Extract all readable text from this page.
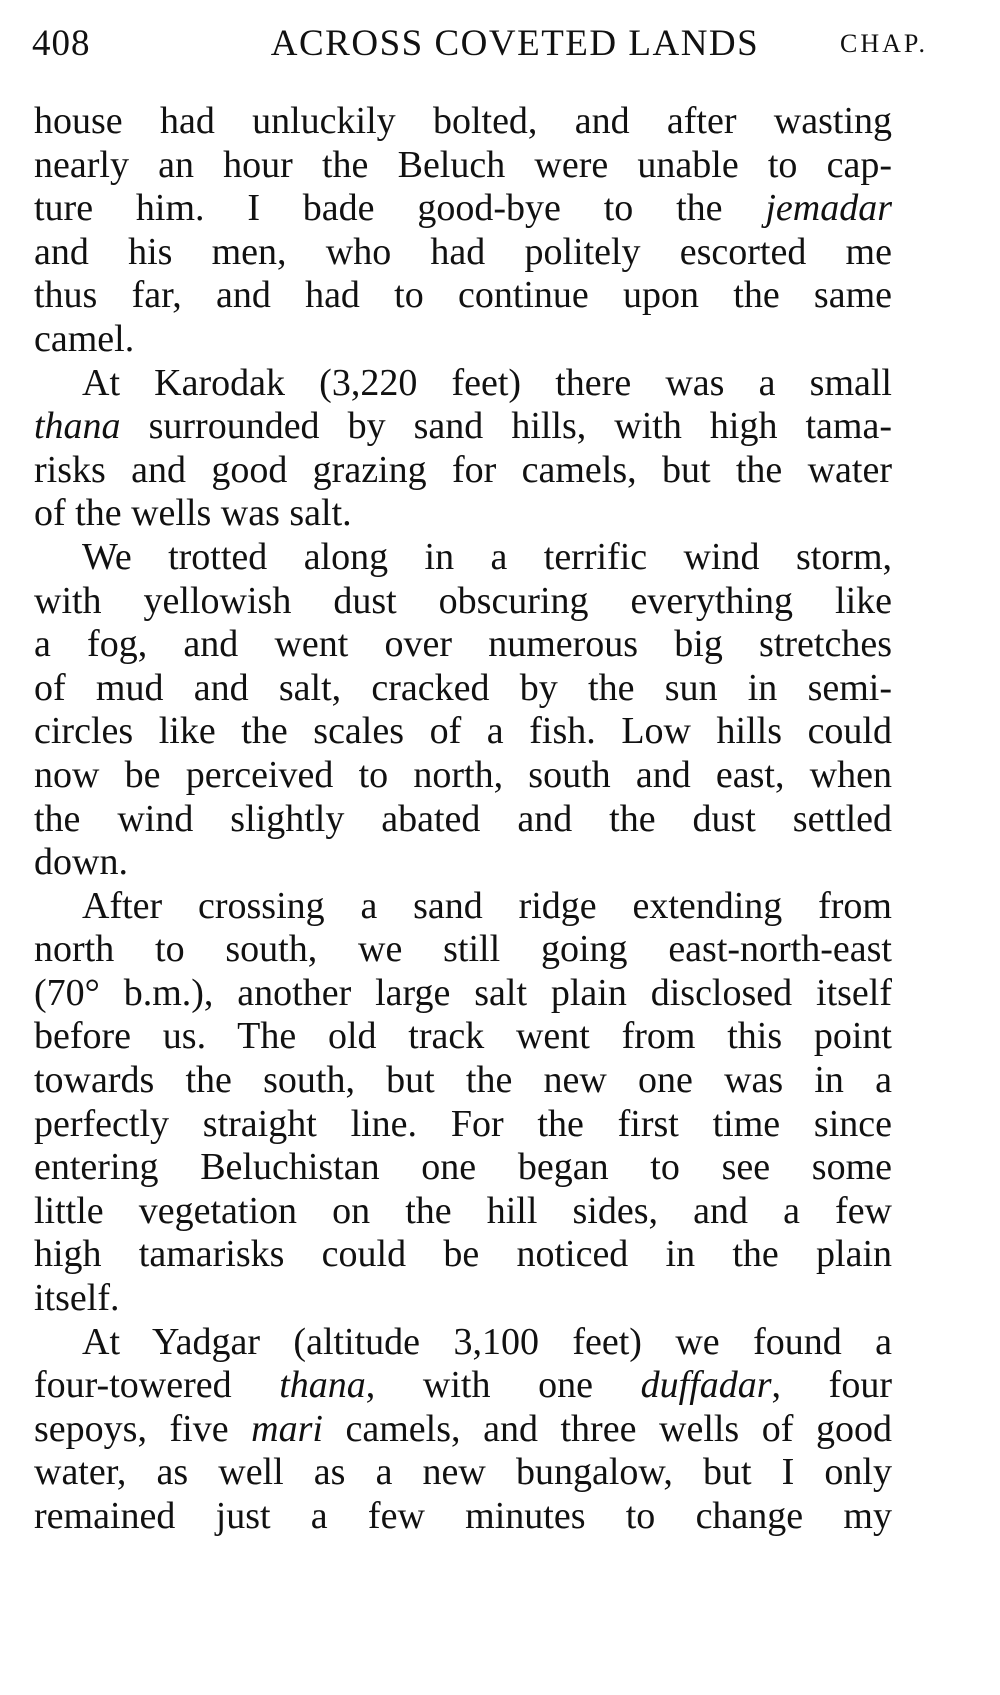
408	ACROSS COVETED LANDS	CHAP.
house had unluckily bolted, and after wasting
nearly an hour the Beluch were unable to cap-
ture him. I bade good-bye to the jemadar
and his men, who had politely escorted me
thus far, and had to continue upon the same
camel.
At Karodak (3,220 feet) there was a small
thana surrounded by sand hills, with high tama-
risks and good grazing for camels, but the water
of the wells was salt.
We trotted along in a terrific wind storm,
with yellowish dust obscuring everything like
a fog, and went over numerous big stretches
of mud and salt, cracked by the sun in semi-
circles like the scales of a fish. Low hills could
now be perceived to north, south and east, when
the wind slightly abated and the dust settled
down.
After crossing a sand ridge extending from
north to south, we still going east-north-east
(70° b.m.), another large salt plain disclosed itself
before us. The old track went from this point
towards the south, but the new one was in a
perfectly straight line. For the first time since
entering Beluchistan one began to see some
little vegetation on the hill sides, and a few
high tamarisks could be noticed in the plain
itself.
At Yadgar (altitude 3,100 feet) we found a
four-towered thana, with one duffadar, four
sepoys, five mari camels, and three wells of good
water, as well as a new bungalow, but I only
remained just a few minutes to change my
